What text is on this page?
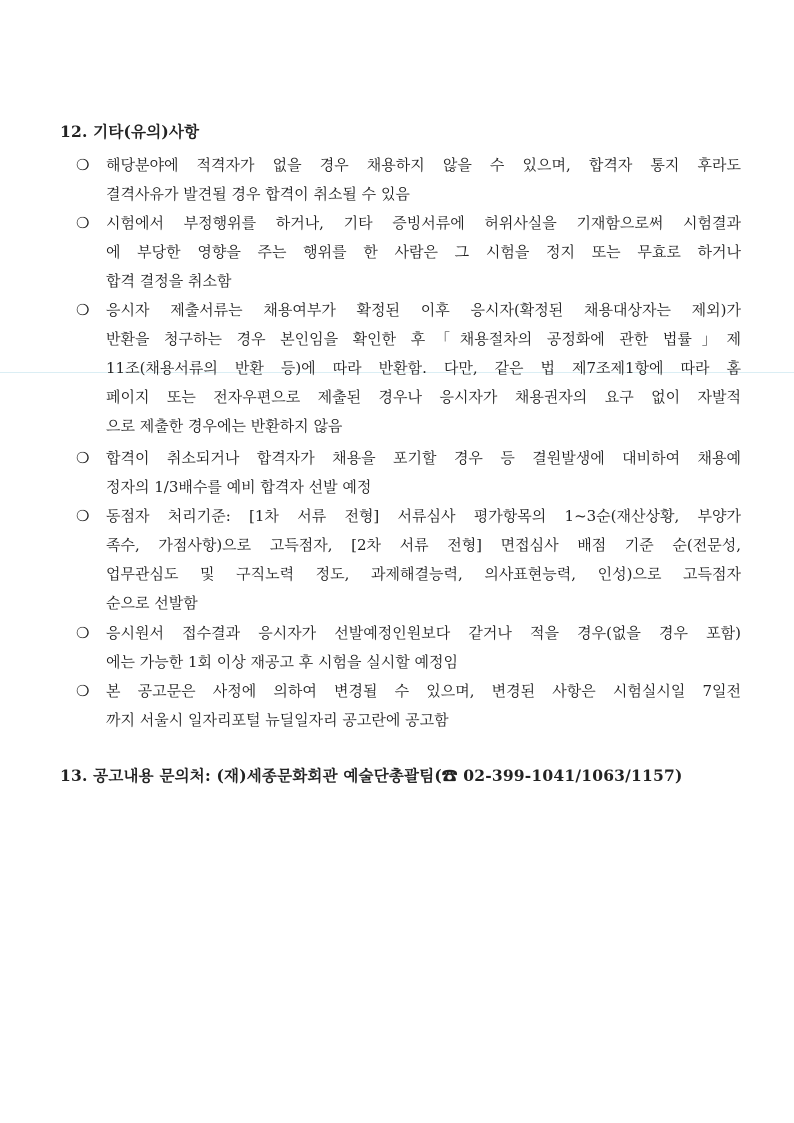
12. 기타(유의)사항
❍	해당분야에 적격자가 없을 경우 채용하지 않을 수 있으며, 합격자 통지 후라도
결격사유가 발견될 경우 합격이 취소될 수 있음
❍	시험에서 부정행위를 하거나, 기타 증빙서류에 허위사실을 기재함으로써 시험결과
에 부당한 영향을 주는 행위를 한 사람은 그 시험을 정지 또는 무효로 하거나
합격 결정을 취소함
❍	응시자 제출서류는 채용여부가 확정된 이후 응시자(확정된 채용대상자는 제외)가
반환을 청구하는 경우 본인임을 확인한 후「채용절차의 공정화에 관한 법률」제
11조(채용서류의 반환 등)에 따라 반환함. 다만, 같은 법 제7조제1항에 따라 홈
페이지 또는 전자우편으로 제출된 경우나 응시자가 채용권자의 요구 없이 자발적
으로 제출한 경우에는 반환하지 않음
❍	합격이 취소되거나 합격자가 채용을 포기할 경우 등 결원발생에 대비하여 채용예
정자의 1/3배수를 예비 합격자 선발 예정
❍	동점자 처리기준: [1차 서류 전형] 서류심사 평가항목의 1~3순(재산상황, 부양가
족수, 가점사항)으로 고득점자, [2차 서류 전형] 면접심사 배점 기준 순(전문성,
업무관심도 및 구직노력 정도, 과제해결능력, 의사표현능력, 인성)으로 고득점자
순으로 선발함
❍	응시원서 접수결과 응시자가 선발예정인원보다 같거나 적을 경우(없을 경우 포함)
에는 가능한 1회 이상 재공고 후 시험을 실시할 예정임
❍	본 공고문은 사정에 의하여 변경될 수 있으며, 변경된 사항은 시험실시일 7일전
까지 서울시 일자리포털 뉴딜일자리 공고란에 공고함
13. 공고내용 문의처: (재)세종문화회관 예술단총괄팀(☎ 02-399-1041/1063/1157)
